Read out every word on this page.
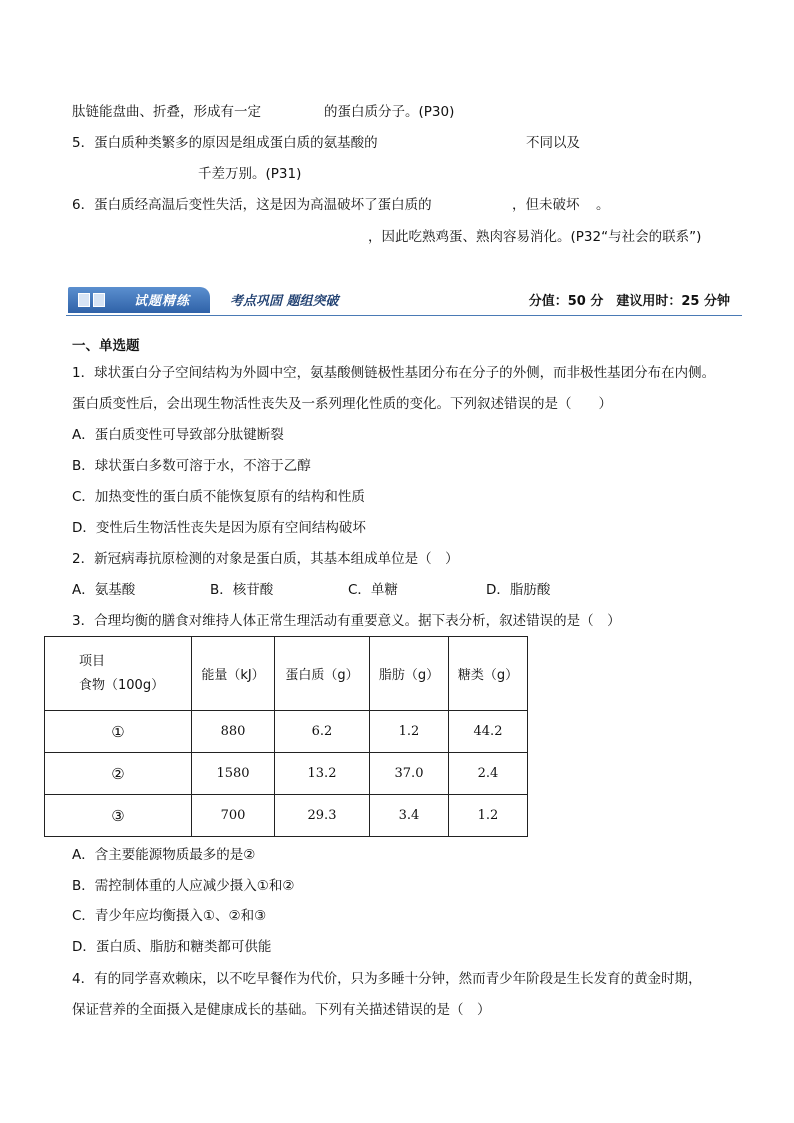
肽链能盘曲、折叠，形成有一定	的蛋白质分子。(P30)
5．蛋白质种类繁多的原因是组成蛋白质的氨基酸的	不同以及
千差万别。(P31)
6．蛋白质经高温后变性失活，这是因为高温破坏了蛋白质的	，但未破坏 。
，因此吃熟鸡蛋、熟肉容易消化。(P32“与社会的联系”)
试题精练	考点巩固 题组突破	分值：50 分　建议用时：25 分钟
一、单选题
1．球状蛋白分子空间结构为外圆中空，氨基酸侧链极性基团分布在分子的外侧，而非极性基团分布在内侧。
蛋白质变性后，会出现生物活性丧失及一系列理化性质的变化。下列叙述错误的是（　　）
A．蛋白质变性可导致部分肽键断裂
B．球状蛋白多数可溶于水，不溶于乙醇
C．加热变性的蛋白质不能恢复原有的结构和性质
D．变性后生物活性丧失是因为原有空间结构破坏
2．新冠病毒抗原检测的对象是蛋白质，其基本组成单位是（　）
A．氨基酸	B．核苷酸	C．单糖	D．脂肪酸
3．合理均衡的膳食对维持人体正常生理活动有重要意义。据下表分析，叙述错误的是（　）
项目
食物（100g）	能量（kJ）	蛋白质（g）	脂肪（g）	糖类（g）
①	880	6.2	1.2	44.2
②	1580	13.2	37.0	2.4
③	700	29.3	3.4	1.2
A．含主要能源物质最多的是②
B．需控制体重的人应减少摄入①和②
C．青少年应均衡摄入①、②和③
D．蛋白质、脂肪和糖类都可供能
4．有的同学喜欢赖床，以不吃早餐作为代价，只为多睡十分钟，然而青少年阶段是生长发育的黄金时期，
保证营养的全面摄入是健康成长的基础。下列有关描述错误的是（　）
